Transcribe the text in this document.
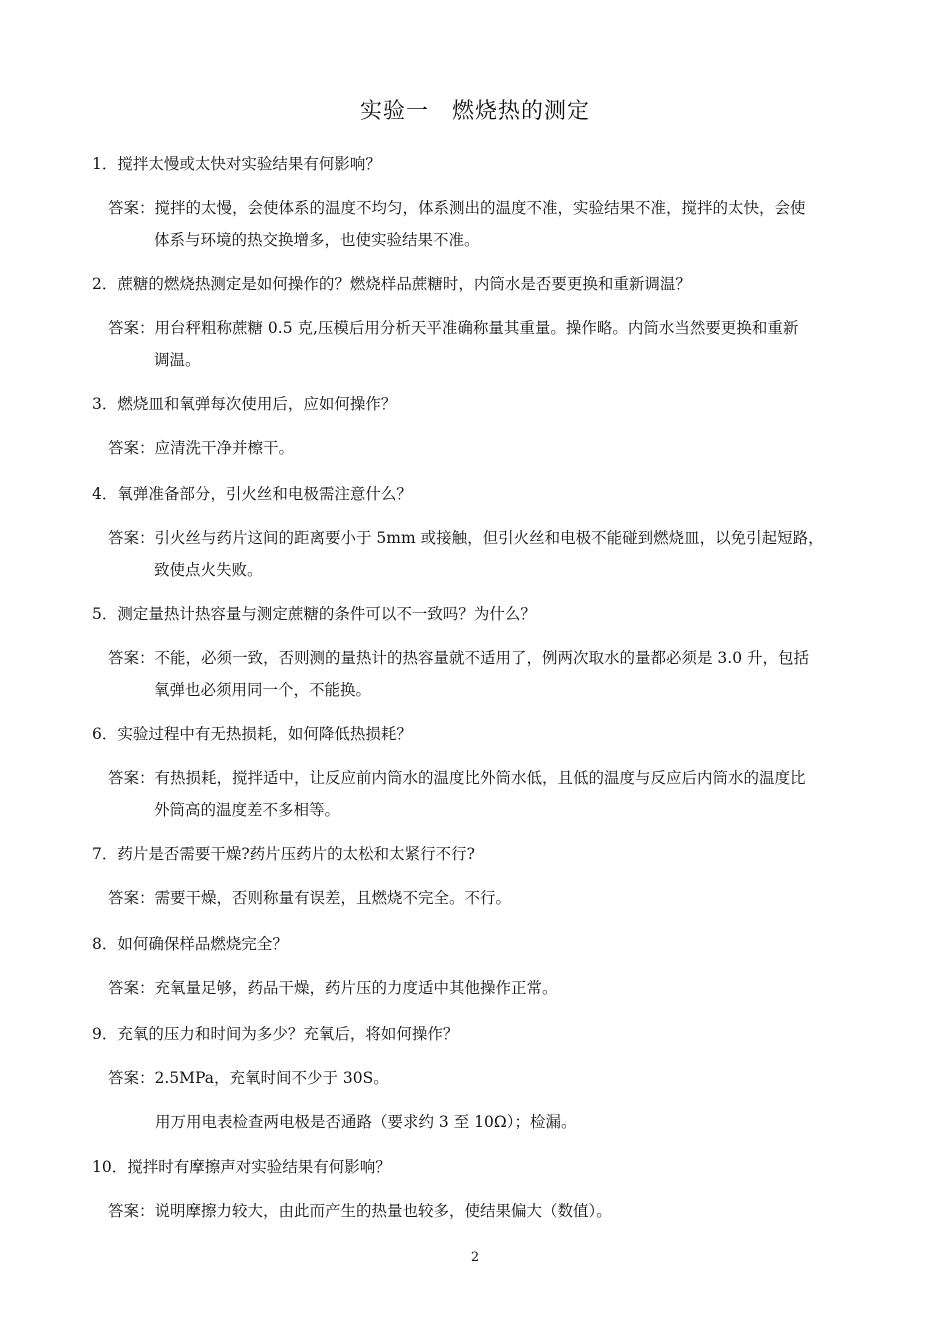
实验一　燃烧热的测定
1．搅拌太慢或太快对实验结果有何影响？
答案：搅拌的太慢，会使体系的温度不均匀，体系测出的温度不准，实验结果不准，搅拌的太快，会使
体系与环境的热交换增多，也使实验结果不准。
2．蔗糖的燃烧热测定是如何操作的？燃烧样品蔗糖时，内筒水是否要更换和重新调温？
答案：用台秤粗称蔗糖 0.5 克,压模后用分析天平准确称量其重量。操作略。内筒水当然要更换和重新
调温。
3．燃烧皿和氧弹每次使用后，应如何操作？
答案：应清洗干净并檫干。
4．氧弹准备部分，引火丝和电极需注意什么？
答案：引火丝与药片这间的距离要小于 5mm 或接触，但引火丝和电极不能碰到燃烧皿，以免引起短路，
致使点火失败。
5．测定量热计热容量与测定蔗糖的条件可以不一致吗？为什么？
答案：不能，必须一致，否则测的量热计的热容量就不适用了，例两次取水的量都必须是 3.0 升，包括
氧弹也必须用同一个，不能换。
6．实验过程中有无热损耗，如何降低热损耗？
答案：有热损耗，搅拌适中，让反应前内筒水的温度比外筒水低，且低的温度与反应后内筒水的温度比
外筒高的温度差不多相等。
7．药片是否需要干燥?药片压药片的太松和太紧行不行?
答案：需要干燥，否则称量有误差，且燃烧不完全。不行。
8．如何确保样品燃烧完全？
答案：充氧量足够，药品干燥，药片压的力度适中其他操作正常。
9．充氧的压力和时间为多少？充氧后，将如何操作？
答案：2.5MPa，充氧时间不少于 30S。
用万用电表检查两电极是否通路（要求约 3 至 10Ω）；检漏。
10．搅拌时有摩擦声对实验结果有何影响？
答案：说明摩擦力较大，由此而产生的热量也较多，使结果偏大（数值）。
2
